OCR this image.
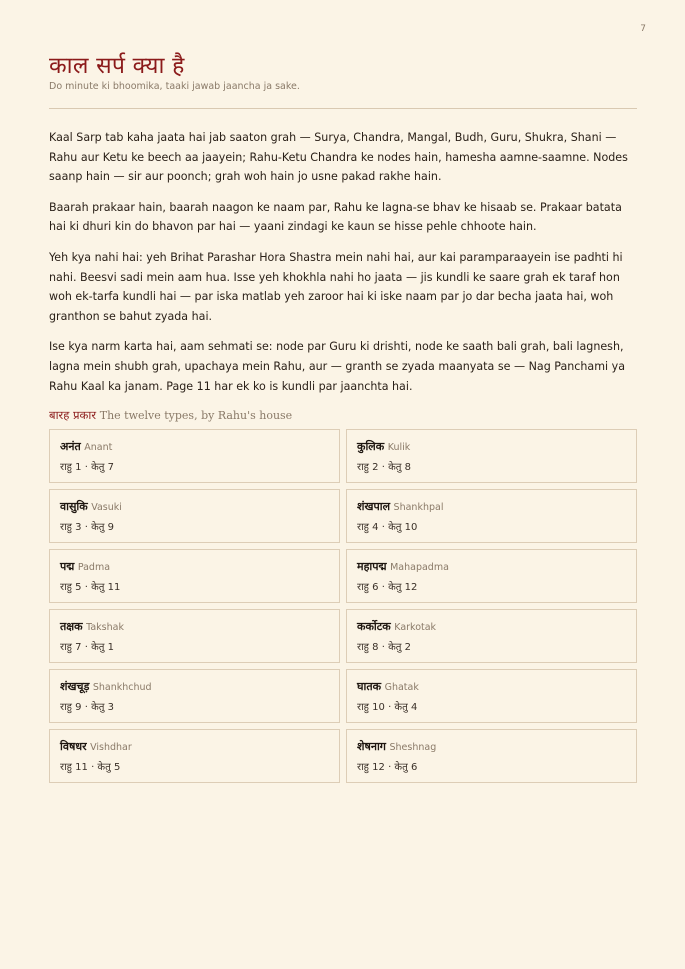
7
काल सर्प क्या है
Do minute ki bhoomika, taaki jawab jaancha ja sake.

Kaal Sarp tab kaha jaata hai jab saaton grah — Surya, Chandra, Mangal, Budh, Guru, Shukra, Shani — Rahu aur Ketu ke beech aa jaayein; Rahu-Ketu Chandra ke nodes hain, hamesha aamne-saamne. Nodes saanp hain — sir aur poonch; grah woh hain jo usne pakad rakhe hain.

Baarah prakaar hain, baarah naagon ke naam par, Rahu ke lagna-se bhav ke hisaab se. Prakaar batata hai ki dhuri kin do bhavon par hai — yaani zindagi ke kaun se hisse pehle chhoote hain.

Yeh kya nahi hai: yeh Brihat Parashar Hora Shastra mein nahi hai, aur kai paramparaayein ise padhti hi nahi. Beesvi sadi mein aam hua. Isse yeh khokhla nahi ho jaata — jis kundli ke saare grah ek taraf hon woh ek-tarfa kundli hai — par iska matlab yeh zaroor hai ki iske naam par jo dar becha jaata hai, woh granthon se bahut zyada hai.

Ise kya narm karta hai, aam sehmati se: node par Guru ki drishti, node ke saath bali grah, bali lagnesh, lagna mein shubh grah, upachaya mein Rahu, aur — granth se zyada maanyata se — Nag Panchami ya Rahu Kaal ka janam. Page 11 har ek ko is kundli par jaanchta hai.

बारह प्रकार The twelve types, by Rahu's house
अनंत Anant
राहु 1 · केतु 7
कुलिक Kulik
राहु 2 · केतु 8
वासुकि Vasuki
राहु 3 · केतु 9
शंखपाल Shankhpal
राहु 4 · केतु 10
पद्म Padma
राहु 5 · केतु 11
महापद्म Mahapadma
राहु 6 · केतु 12
तक्षक Takshak
राहु 7 · केतु 1
कर्कोटक Karkotak
राहु 8 · केतु 2
शंखचूड़ Shankhchud
राहु 9 · केतु 3
घातक Ghatak
राहु 10 · केतु 4
विषधर Vishdhar
राहु 11 · केतु 5
शेषनाग Sheshnag
राहु 12 · केतु 6
